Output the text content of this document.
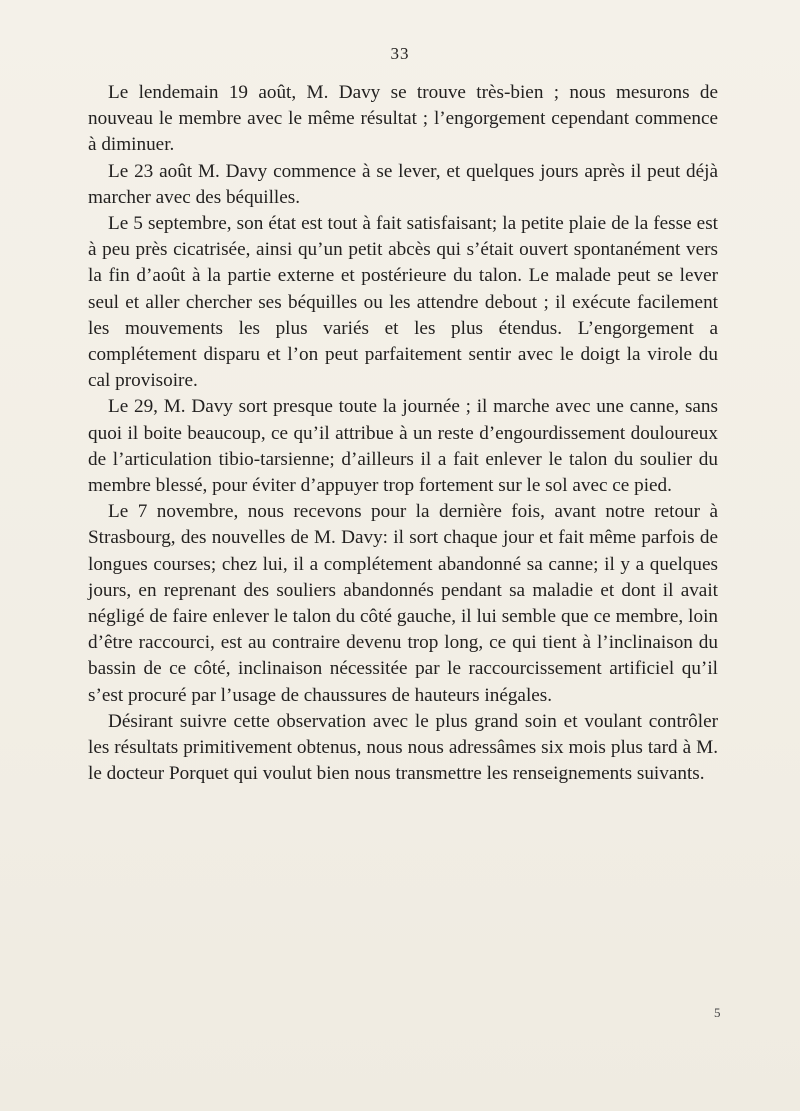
33

Le lendemain 19 août, M. Davy se trouve très-bien ; nous mesurons de nouveau le membre avec le même résultat ; l’engorgement cependant commence à diminuer.

Le 23 août M. Davy commence à se lever, et quelques jours après il peut déjà marcher avec des béquilles.

Le 5 septembre, son état est tout à fait satisfaisant; la petite plaie de la fesse est à peu près cicatrisée, ainsi qu’un petit abcès qui s’était ouvert spontanément vers la fin d’août à la partie externe et postérieure du talon. Le malade peut se lever seul et aller chercher ses béquilles ou les attendre debout ; il exécute facilement les mouvements les plus variés et les plus étendus. L’engorgement a complétement disparu et l’on peut parfaitement sentir avec le doigt la virole du cal provisoire.

Le 29, M. Davy sort presque toute la journée ; il marche avec une canne, sans quoi il boite beaucoup, ce qu’il attribue à un reste d’engourdissement douloureux de l’articulation tibio-tarsienne; d’ailleurs il a fait enlever le talon du soulier du membre blessé, pour éviter d’appuyer trop fortement sur le sol avec ce pied.

Le 7 novembre, nous recevons pour la dernière fois, avant notre retour à Strasbourg, des nouvelles de M. Davy: il sort chaque jour et fait même parfois de longues courses; chez lui, il a complétement abandonné sa canne; il y a quelques jours, en reprenant des souliers abandonnés pendant sa maladie et dont il avait négligé de faire enlever le talon du côté gauche, il lui semble que ce membre, loin d’être raccourci, est au contraire devenu trop long, ce qui tient à l’inclinaison du bassin de ce côté, inclinaison nécessitée par le raccourcissement artificiel qu’il s’est procuré par l’usage de chaussures de hauteurs inégales.

Désirant suivre cette observation avec le plus grand soin et voulant contrôler les résultats primitivement obtenus, nous nous adressâmes six mois plus tard à M. le docteur Porquet qui voulut bien nous transmettre les renseignements suivants.

5
